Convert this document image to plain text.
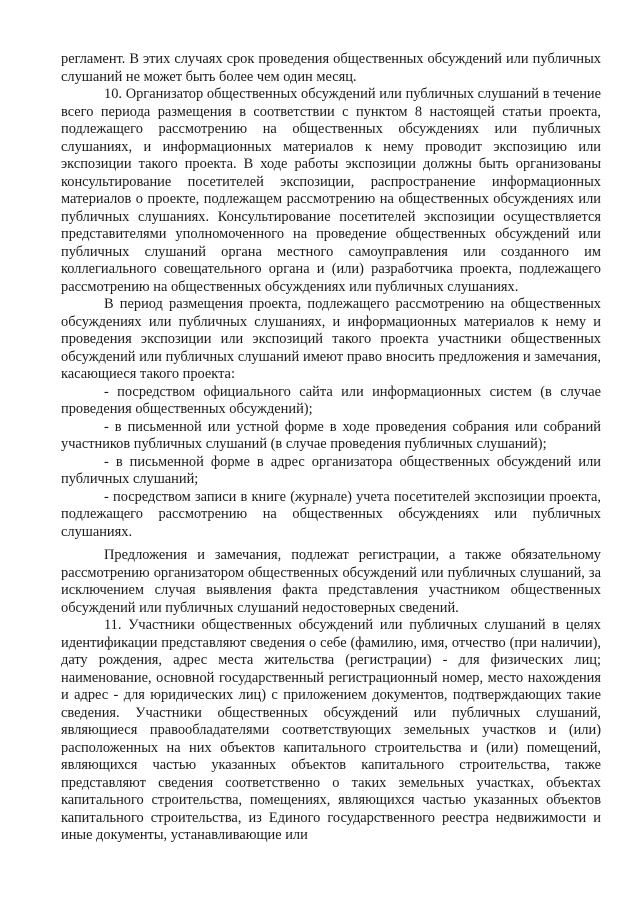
регламент. В этих случаях срок проведения общественных обсуждений или публичных слушаний не может быть более чем один месяц.

10. Организатор общественных обсуждений или публичных слушаний в течение всего периода размещения в соответствии с пунктом 8 настоящей статьи проекта, подлежащего рассмотрению на общественных обсуждениях или публичных слушаниях, и информационных материалов к нему проводит экспозицию или экспозиции такого проекта. В ходе работы экспозиции должны быть организованы консультирование посетителей экспозиции, распространение информационных материалов о проекте, подлежащем рассмотрению на общественных обсуждениях или публичных слушаниях. Консультирование посетителей экспозиции осуществляется представителями уполномоченного на проведение общественных обсуждений или публичных слушаний органа местного самоуправления или созданного им коллегиального совещательного органа и (или) разработчика проекта, подлежащего рассмотрению на общественных обсуждениях или публичных слушаниях.

В период размещения проекта, подлежащего рассмотрению на общественных обсуждениях или публичных слушаниях, и информационных материалов к нему и проведения экспозиции или экспозиций такого проекта участники общественных обсуждений или публичных слушаний имеют право вносить предложения и замечания, касающиеся такого проекта:

- посредством официального сайта или информационных систем (в случае проведения общественных обсуждений);

- в письменной или устной форме в ходе проведения собрания или собраний участников публичных слушаний (в случае проведения публичных слушаний);

- в письменной форме в адрес организатора общественных обсуждений или публичных слушаний;

- посредством записи в книге (журнале) учета посетителей экспозиции проекта, подлежащего рассмотрению на общественных обсуждениях или публичных слушаниях.

Предложения и замечания, подлежат регистрации, а также обязательному рассмотрению организатором общественных обсуждений или публичных слушаний, за исключением случая выявления факта представления участником общественных обсуждений или публичных слушаний недостоверных сведений.

11. Участники общественных обсуждений или публичных слушаний в целях идентификации представляют сведения о себе (фамилию, имя, отчество (при наличии), дату рождения, адрес места жительства (регистрации) - для физических лиц; наименование, основной государственный регистрационный номер, место нахождения и адрес - для юридических лиц) с приложением документов, подтверждающих такие сведения. Участники общественных обсуждений или публичных слушаний, являющиеся правообладателями соответствующих земельных участков и (или) расположенных на них объектов капитального строительства и (или) помещений, являющихся частью указанных объектов капитального строительства, также представляют сведения соответственно о таких земельных участках, объектах капитального строительства, помещениях, являющихся частью указанных объектов капитального строительства, из Единого государственного реестра недвижимости и иные документы, устанавливающие или
